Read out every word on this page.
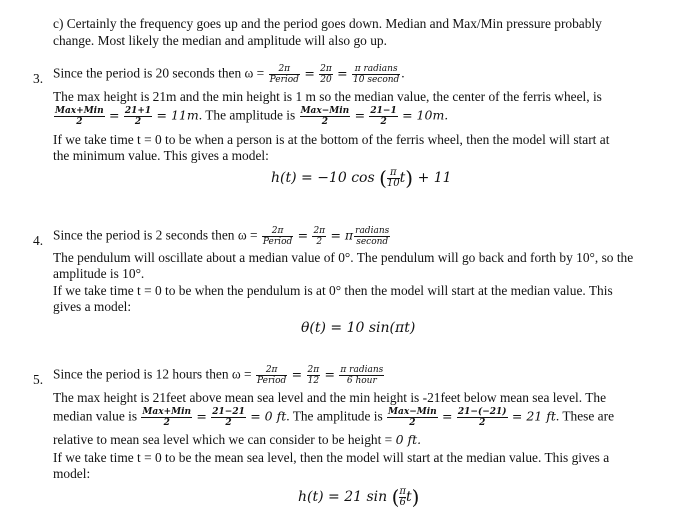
c) Certainly the frequency goes up and the period goes down. Median and Max/Min pressure probably
change. Most likely the median and amplitude will also go up.
3. Since the period is 20 seconds then ω =	2π
Period = $\frac{2\pi}{20} = \pi$ radians
10 second .
The max height is 21m and the min height is 1 m so the median value, the center of the ferris wheel, is
Max+Min
2	= $\frac{21+1}{2} = 11m$. The amplitude is Max−Min
2	= $\frac{21-1}{2} = 10m$.
If we take time t = 0 to be when a person is at the bottom of the ferris wheel, then the model will start at
the minimum value. This gives a model:
h(t) = −10 cos ( $\frac{\pi}{10} t) + 11$
4. Since the period is 2 seconds then ω =	2π
Period = $\frac{2\pi}{2} = \pi$ radians
second
The pendulum will oscillate about a median value of 0°. The pendulum will go back and forth by 10°, so the
amplitude is 10°.
If we take time t = 0 to be when the pendulum is at 0° then the model will start at the median value. This
gives a model:
θ(t) = 10 sin(πt)
5. Since the period is 12 hours then ω =	2π
Period = $\frac{2\pi}{12} = \pi$ radians
6 hour
The max height is 21feet above mean sea level and the min height is -21feet below mean sea level. The
median value is Max+Min
2	= $\frac{21-21}{2} = 0$ ft. The amplitude is Max−Min
2	= $\frac{21-(-21)}{2} = 21$ ft. These are
relative to mean sea level which we can consider to be height = 0 ft.
If we take time t = 0 to be the mean sea level, then the model will start at the median value. This gives a
model:
h(t) = 21 sin ( $\frac{\pi}{6} t$)
